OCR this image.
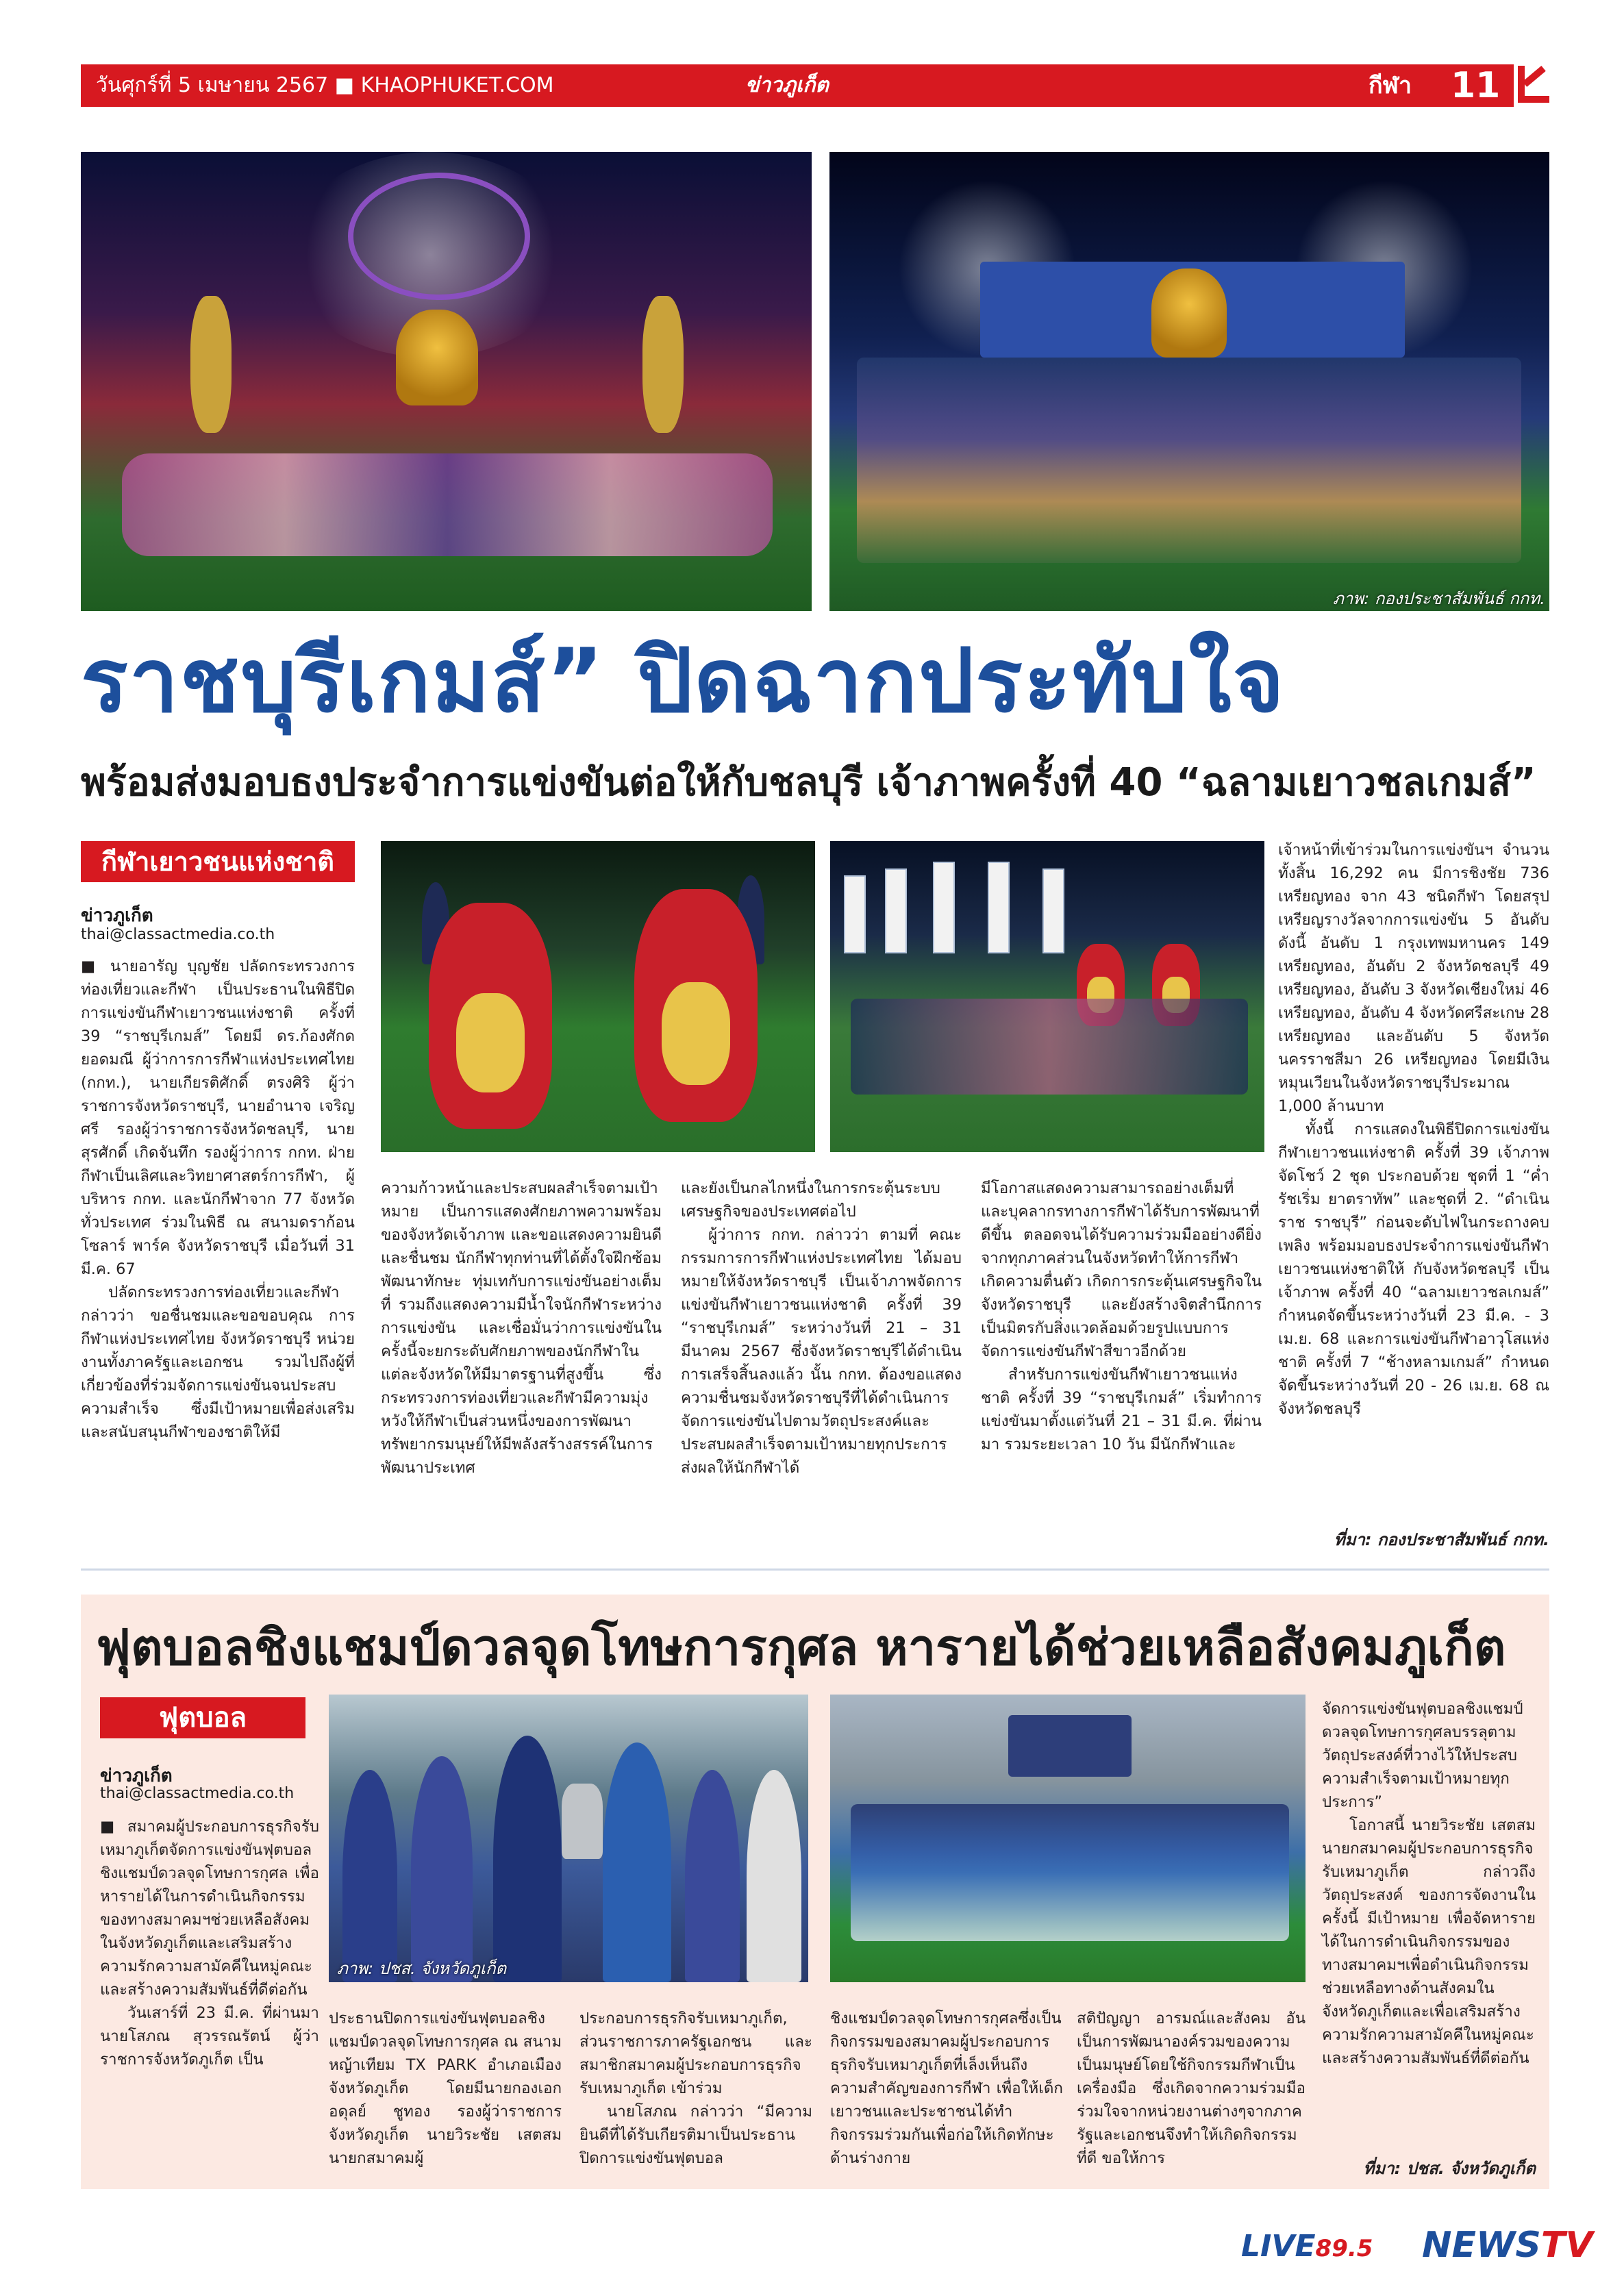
วันศุกร์ที่ 5 เมษายน 2567 ■ KHAOPHUKET.COM	ข่าวภูเก็ต	กีฬา 11
ภาพ: กองประชาสัมพันธ์ กกท.
ราชบุรีเกมส์” ปิดฉากประทับใจ
พร้อมส่งมอบธงประจำการแข่งขันต่อให้กับชลบุรี เจ้าภาพครั้งที่ 40 “ฉลามเยาวชลเกมส์”
กีฬาเยาวชนแห่งชาติ
ข่าวภูเก็ต
thai@classactmedia.co.th

■ นายอารัญ บุญชัย ปลัดกระทรวงการท่องเที่ยวและกีฬา เป็นประธานในพิธีปิดการแข่งขันกีฬาเยาวชนแห่งชาติ ครั้งที่ 39 “ราชบุรีเกมส์” โดยมี ดร.ก้องศักด ยอดมณี ผู้ว่าการการกีฬาแห่งประเทศไทย (กกท.), นายเกียรติศักดิ์ ตรงศิริ ผู้ว่าราชการจังหวัดราชบุรี, นายอำนาจ เจริญศรี รองผู้ว่าราชการจังหวัดชลบุรี, นายสุรศักดิ์ เกิดจันทึก รองผู้ว่าการ กกท. ฝ่ายกีฬาเป็นเลิศและวิทยาศาสตร์การกีฬา, ผู้บริหาร กกท. และนักกีฬาจาก 77 จังหวัดทั่วประเทศ ร่วมในพิธี ณ สนามดราก้อน โซลาร์ พาร์ค จังหวัดราชบุรี เมื่อวันที่ 31 มี.ค. 67

ปลัดกระทรวงการท่องเที่ยวและกีฬา กล่าวว่า ขอชื่นชมและขอขอบคุณ การกีฬาแห่งประเทศไทย จังหวัดราชบุรี หน่วยงานทั้งภาครัฐและเอกชน รวมไปถึงผู้ที่เกี่ยวข้องที่ร่วมจัดการแข่งขันจนประสบความสำเร็จ ซึ่งมีเป้าหมายเพื่อส่งเสริมและสนับสนุนกีฬาของชาติให้มี

ความก้าวหน้าและประสบผลสำเร็จตามเป้าหมาย เป็นการแสดงศักยภาพความพร้อมของจังหวัดเจ้าภาพ และขอแสดงความยินดีและชื่นชม นักกีฬาทุกท่านที่ได้ตั้งใจฝึกซ้อม พัฒนาทักษะ ทุ่มเทกับการแข่งขันอย่างเต็มที่ รวมถึงแสดงความมีน้ำใจนักกีฬาระหว่างการแข่งขัน และเชื่อมั่นว่าการแข่งขันในครั้งนี้จะยกระดับศักยภาพของนักกีฬาในแต่ละจังหวัดให้มีมาตรฐานที่สูงขึ้น ซึ่งกระทรวงการท่องเที่ยวและกีฬามีความมุ่งหวังให้กีฬาเป็นส่วนหนึ่งของการพัฒนาทรัพยากรมนุษย์ให้มีพลังสร้างสรรค์ในการพัฒนาประเทศ

และยังเป็นกลไกหนึ่งในการกระตุ้นระบบเศรษฐกิจของประเทศต่อไป

ผู้ว่าการ กกท. กล่าวว่า ตามที่ คณะกรรมการการกีฬาแห่งประเทศไทย ได้มอบหมายให้จังหวัดราชบุรี เป็นเจ้าภาพจัดการแข่งขันกีฬาเยาวชนแห่งชาติ ครั้งที่ 39 “ราชบุรีเกมส์” ระหว่างวันที่ 21 – 31 มีนาคม 2567 ซึ่งจังหวัดราชบุรีได้ดำเนินการเสร็จสิ้นลงแล้ว นั้น กกท. ต้องขอแสดงความชื่นชมจังหวัดราชบุรีที่ได้ดำเนินการจัดการแข่งขันไปตามวัตถุประสงค์และประสบผลสำเร็จตามเป้าหมายทุกประการ ส่งผลให้นักกีฬาได้

มีโอกาสแสดงความสามารถอย่างเต็มที่ และบุคลากรทางการกีฬาได้รับการพัฒนาที่ดีขึ้น ตลอดจนได้รับความร่วมมืออย่างดียิ่งจากทุกภาคส่วนในจังหวัดทำให้การกีฬาเกิดความตื่นตัว เกิดการกระตุ้นเศรษฐกิจในจังหวัดราชบุรี และยังสร้างจิตสำนึกการเป็นมิตรกับสิ่งแวดล้อมด้วยรูปแบบการจัดการแข่งขันกีฬาสีขาวอีกด้วย

สำหรับการแข่งขันกีฬาเยาวชนแห่งชาติ ครั้งที่ 39 “ราชบุรีเกมส์” เริ่มทำการแข่งขันมาตั้งแต่วันที่ 21 – 31 มี.ค. ที่ผ่านมา รวมระยะเวลา 10 วัน มีนักกีฬาและ

เจ้าหน้าที่เข้าร่วมในการแข่งขันฯ จำนวนทั้งสิ้น 16,292 คน มีการชิงชัย 736 เหรียญทอง จาก 43 ชนิดกีฬา โดยสรุปเหรียญรางวัลจากการแข่งขัน 5 อันดับ ดังนี้ อันดับ 1 กรุงเทพมหานคร 149 เหรียญทอง, อันดับ 2 จังหวัดชลบุรี 49 เหรียญทอง, อันดับ 3 จังหวัดเชียงใหม่ 46 เหรียญทอง, อันดับ 4 จังหวัดศรีสะเกษ 28 เหรียญทอง และอันดับ 5 จังหวัดนครราชสีมา 26 เหรียญทอง โดยมีเงินหมุนเวียนในจังหวัดราชบุรีประมาณ 1,000 ล้านบาท

ทั้งนี้ การแสดงในพิธีปิดการแข่งขันกีฬาเยาวชนแห่งชาติ ครั้งที่ 39 เจ้าภาพจัดโชว์ 2 ชุด ประกอบด้วย ชุดที่ 1 “ค่ำรัชเริ่ม ยาตราทัพ” และชุดที่ 2. “ดำเนินราช ราชบุรี” ก่อนจะดับไฟในกระถางคบเพลิง พร้อมมอบธงประจำการแข่งขันกีฬาเยาวชนแห่งชาติให้ กับจังหวัดชลบุรี เป็นเจ้าภาพ ครั้งที่ 40 “ฉลามเยาวชลเกมส์” กำหนดจัดขึ้นระหว่างวันที่ 23 มี.ค. - 3 เม.ย. 68 และการแข่งขันกีฬาอาวุโสแห่งชาติ ครั้งที่ 7 “ช้างหลามเกมส์” กำหนดจัดขึ้นระหว่างวันที่ 20 - 26 เม.ย. 68 ณ จังหวัดชลบุรี

ที่มา: กองประชาสัมพันธ์ กกท.
ฟุตบอลชิงแชมป์ดวลจุดโทษการกุศล หารายได้ช่วยเหลือสังคมภูเก็ต
ฟุตบอล
ข่าวภูเก็ต
thai@classactmedia.co.th

■ สมาคมผู้ประกอบการธุรกิจรับเหมาภูเก็ตจัดการแข่งขันฟุตบอลชิงแชมป์ดวลจุดโทษการกุศล เพื่อหารายได้ในการดำเนินกิจกรรมของทางสมาคมฯช่วยเหลือสังคมในจังหวัดภูเก็ตและเสริมสร้างความรักความสามัคคีในหมู่คณะ และสร้างความสัมพันธ์ที่ดีต่อกัน

วันเสาร์ที่ 23 มี.ค. ที่ผ่านมา นายโสภณ สุวรรณรัตน์ ผู้ว่าราชการจังหวัดภูเก็ต เป็น

ภาพ: ปชส. จังหวัดภูเก็ต

ประธานปิดการแข่งขันฟุตบอลชิงแชมป์ดวลจุดโทษการกุศล ณ สนามหญ้าเทียม TX PARK อำเภอเมือง จังหวัดภูเก็ต โดยมีนายกองเอกอดุลย์ ชูทอง รองผู้ว่าราชการจังหวัดภูเก็ต นายวิระชัย เสตสม นายกสมาคมผู้

ประกอบการธุรกิจรับเหมาภูเก็ต, ส่วนราชการภาครัฐเอกชน และสมาชิกสมาคมผู้ประกอบการธุรกิจรับเหมาภูเก็ต เข้าร่วม

นายโสภณ กล่าวว่า “มีความยินดีที่ได้รับเกียรติมาเป็นประธานปิดการแข่งขันฟุตบอล

ชิงแชมป์ดวลจุดโทษการกุศลซึ่งเป็นกิจกรรมของสมาคมผู้ประกอบการธุรกิจรับเหมาภูเก็ตที่เล็งเห็นถึงความสำคัญของการกีฬา เพื่อให้เด็กเยาวชนและประชาชนได้ทำกิจกรรมร่วมกันเพื่อก่อให้เกิดทักษะด้านร่างกาย

สติปัญญา อารมณ์และสังคม อันเป็นการพัฒนาองค์รวมของความเป็นมนุษย์โดยใช้กิจกรรมกีฬาเป็นเครื่องมือ ซึ่งเกิดจากความร่วมมือ ร่วมใจจากหน่วยงานต่างๆจากภาครัฐและเอกชนจึงทำให้เกิดกิจกรรมที่ดี ขอให้การ

จัดการแข่งขันฟุตบอลชิงแชมป์ดวลจุดโทษการกุศลบรรลุตามวัตถุประสงค์ที่วางไว้ให้ประสบความสำเร็จตามเป้าหมายทุกประการ”

โอกาสนี้ นายวิระชัย เสตสม นายกสมาคมผู้ประกอบการธุรกิจรับเหมาภูเก็ต กล่าวถึงวัตถุประสงค์ ของการจัดงานในครั้งนี้ มีเป้าหมาย เพื่อจัดหารายได้ในการดำเนินกิจกรรมของทางสมาคมฯเพื่อดำเนินกิจกรรมช่วยเหลือทางด้านสังคมในจังหวัดภูเก็ตและเพื่อเสริมสร้างความรักความสามัคคีในหมู่คณะและสร้างความสัมพันธ์ที่ดีต่อกัน

ที่มา: ปชส. จังหวัดภูเก็ต
LIVE89.5 NEWSTV
